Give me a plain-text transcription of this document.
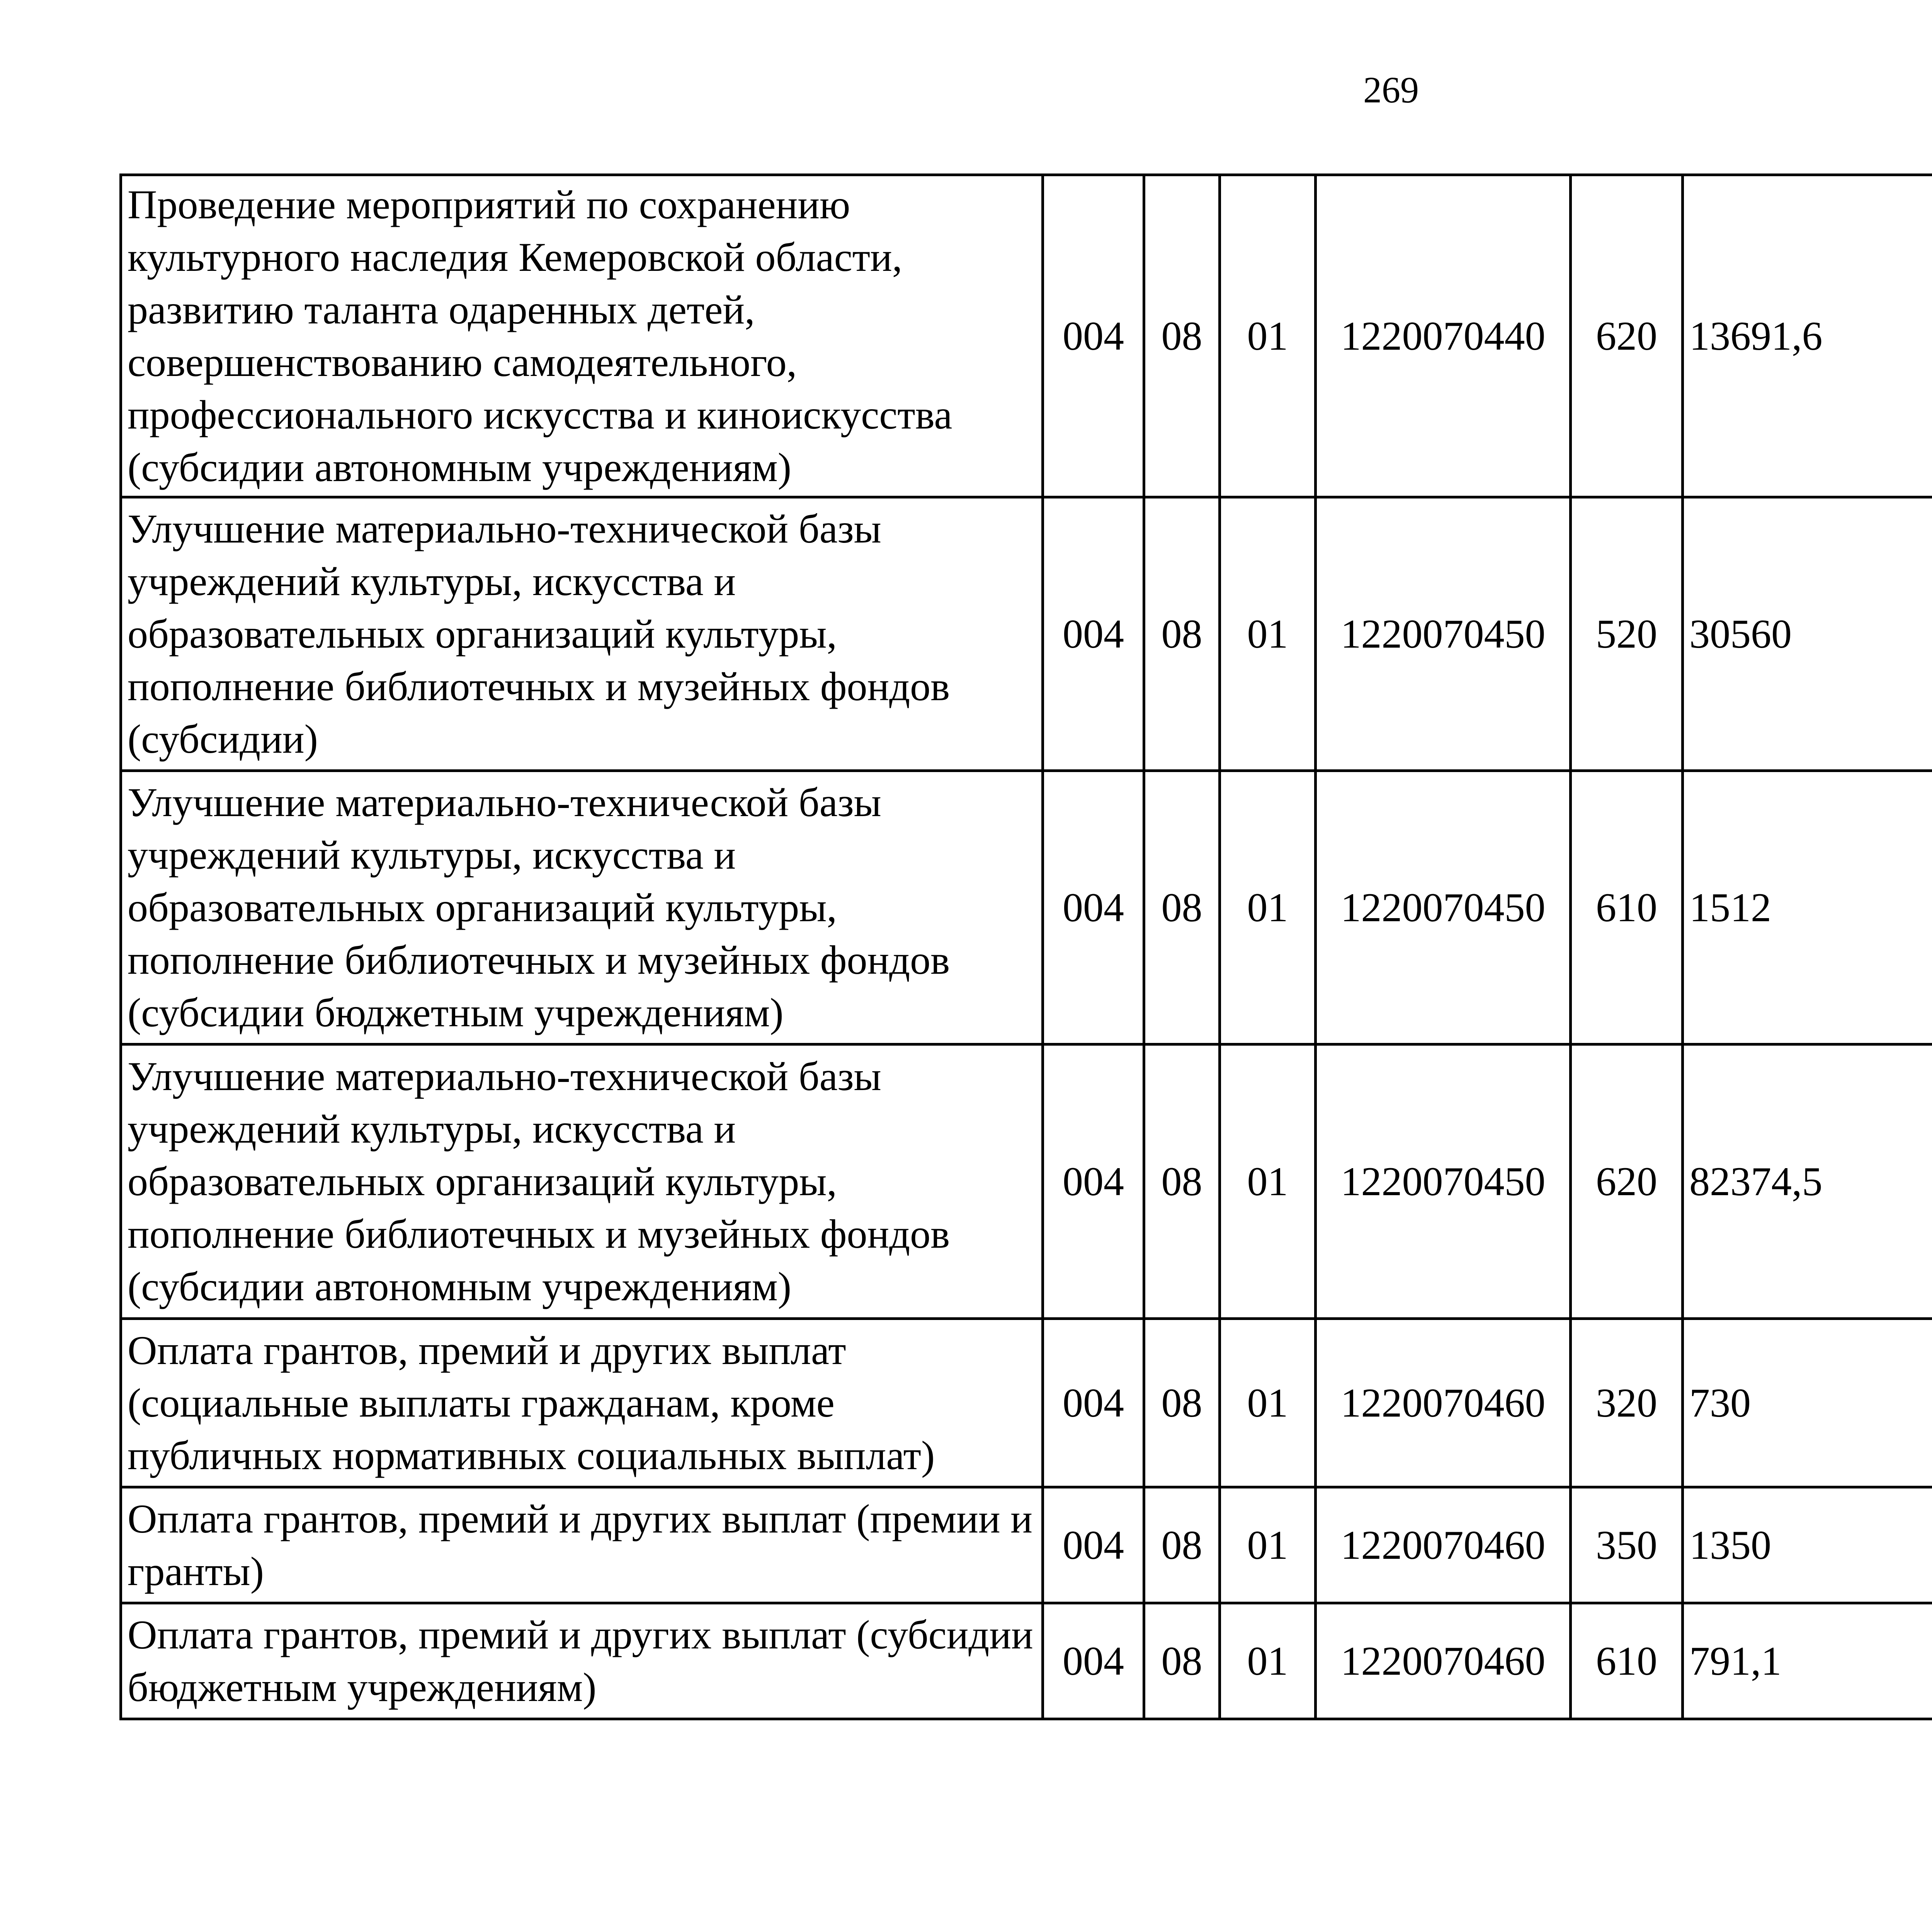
269
Проведение мероприятий по сохранению культурного наследия Кемеровской области, развитию таланта одаренных детей, совершенствованию самодеятельного, профессионального искусства и киноискусства (субсидии автономным учреждениям)	004	08	01	1220070440	620	13691,6		
Улучшение материально-технической базы учреждений культуры, искусства и образовательных организаций культуры, пополнение библиотечных и музейных фондов (субсидии)	004	08	01	1220070450	520	30560		
Улучшение материально-технической базы учреждений культуры, искусства и образовательных организаций культуры, пополнение библиотечных и музейных фондов (субсидии бюджетным учреждениям)	004	08	01	1220070450	610	1512		
Улучшение материально-технической базы учреждений культуры, искусства и образовательных организаций культуры, пополнение библиотечных и музейных фондов (субсидии автономным учреждениям)	004	08	01	1220070450	620	82374,5		
Оплата грантов, премий и других выплат (социальные выплаты гражданам, кроме публичных нормативных социальных выплат)	004	08	01	1220070460	320	730		
Оплата грантов, премий и других выплат (премии и гранты)	004	08	01	1220070460	350	1350		
Оплата грантов, премий и других выплат (субсидии бюджетным учреждениям)	004	08	01	1220070460	610	791,1		
